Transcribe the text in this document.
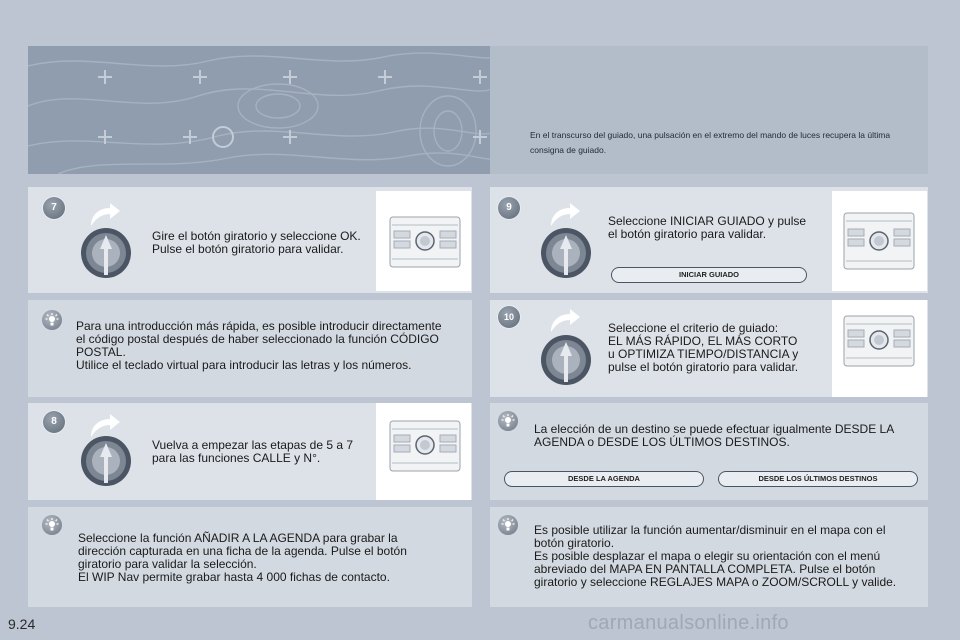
En el transcurso del guiado, una pulsación en el extremo del mando de luces recupera la última consigna de guiado.

7

Gire el botón giratorio y seleccione OK.
Pulse el botón giratorio para validar.

Para una introducción más rápida, es posible introducir directamente
el código postal después de haber seleccionado la función CÓDIGO
POSTAL.
Utilice el teclado virtual para introducir las letras y los números.

8

Vuelva a empezar las etapas de 5 a 7
para las funciones CALLE y N°.

Seleccione la función AÑADIR A LA AGENDA para grabar la
dirección capturada en una ficha de la agenda. Pulse el botón
giratorio para validar la selección.
El WIP Nav permite grabar hasta 4 000 fichas de contacto.

9

Seleccione INICIAR GUIADO y pulse
el botón giratorio para validar.

INICIAR GUIADO
10

Seleccione el criterio de guiado:
EL MÁS RÁPIDO, EL MÁS CORTO
u OPTIMIZA TIEMPO/DISTANCIA y
pulse el botón giratorio para validar.

La elección de un destino se puede efectuar igualmente DESDE LA
AGENDA o DESDE LOS ÚLTIMOS DESTINOS.

DESDE LA AGENDA	DESDE LOS ÚLTIMOS DESTINOS

Es posible utilizar la función aumentar/disminuir en el mapa con el
botón giratorio.
Es posible desplazar el mapa o elegir su orientación con el menú
abreviado del MAPA EN PANTALLA COMPLETA. Pulse el botón
giratorio y seleccione REGLAJES MAPA o ZOOM/SCROLL y valide.

9.24	carmanualsonline.info
